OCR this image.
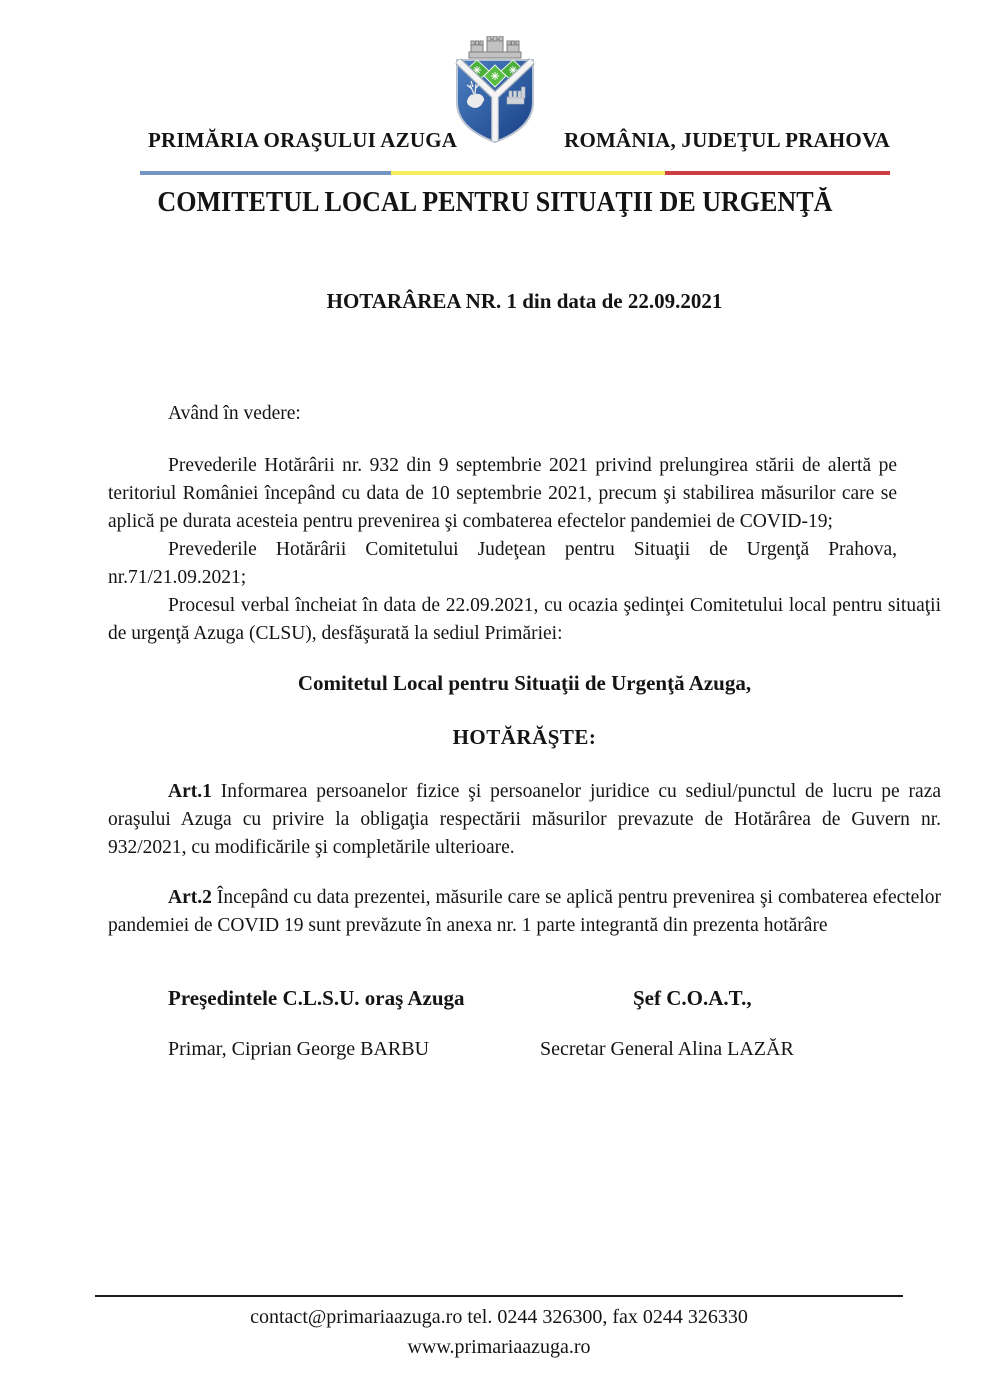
PRIMĂRIA ORAŞULUI AZUGA	ROMÂNIA, JUDEŢUL PRAHOVA
COMITETUL LOCAL PENTRU SITUAŢII DE URGENŢĂ
HOTARÂREA NR. 1 din data de 22.09.2021

Având în vedere:

Prevederile Hotărârii nr. 932 din 9 septembrie 2021 privind prelungirea stării de alertă pe teritoriul României începând cu data de 10 septembrie 2021, precum şi stabilirea măsurilor care se aplică pe durata acesteia pentru prevenirea şi combaterea efectelor pandemiei de COVID-19;

Prevederile Hotărârii Comitetului Judeţean pentru Situaţii de Urgenţă Prahova, nr.71/21.09.2021;

Procesul verbal încheiat în data de 22.09.2021, cu ocazia şedinţei Comitetului local pentru situaţii de urgenţă Azuga (CLSU), desfăşurată la sediul Primăriei:

Comitetul Local pentru Situaţii de Urgenţă Azuga,
HOTĂRĂŞTE:

Art.1 Informarea persoanelor fizice şi persoanelor juridice cu sediul/punctul de lucru pe raza oraşului Azuga cu privire la obligaţia respectării măsurilor prevazute de Hotărârea de Guvern nr. 932/2021, cu modificările şi completările ulterioare.

Art.2 Începând cu data prezentei, măsurile care se aplică pentru prevenirea şi combaterea efectelor pandemiei de COVID 19 sunt prevăzute în anexa nr. 1 parte integrantă din prezenta hotărâre

Preşedintele C.L.S.U. oraş Azuga	Şef C.O.A.T.,
Primar, Ciprian George BARBU	Secretar General Alina LAZĂR
contact@primariaazuga.ro tel. 0244 326300, fax 0244 326330
www.primariaazuga.ro
